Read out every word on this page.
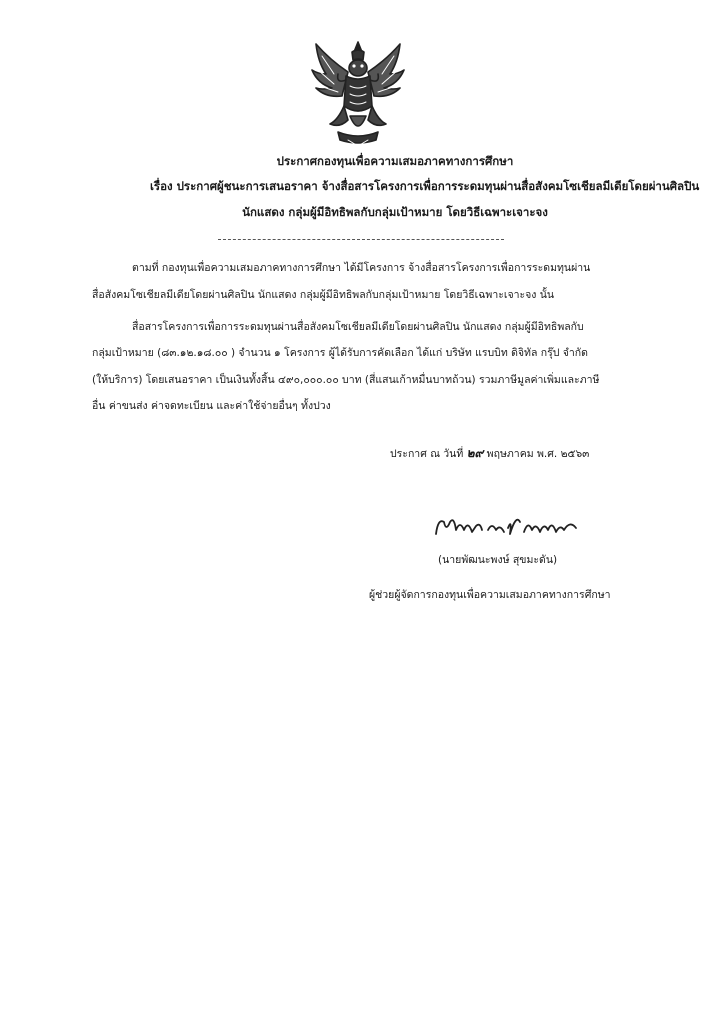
ประกาศกองทุนเพื่อความเสมอภาคทางการศึกษา
เรื่อง ประกาศผู้ชนะการเสนอราคา จ้างสื่อสารโครงการเพื่อการระดมทุนผ่านสื่อสังคมโซเชียลมีเดียโดยผ่านศิลปิน
นักแสดง กลุ่มผู้มีอิทธิพลกับกลุ่มเป้าหมาย โดยวิธีเฉพาะเจาะจง
ตามที่ กองทุนเพื่อความเสมอภาคทางการศึกษา ได้มีโครงการ จ้างสื่อสารโครงการเพื่อการระดมทุนผ่าน
สื่อสังคมโซเชียลมีเดียโดยผ่านศิลปิน นักแสดง กลุ่มผู้มีอิทธิพลกับกลุ่มเป้าหมาย โดยวิธีเฉพาะเจาะจง นั้น
สื่อสารโครงการเพื่อการระดมทุนผ่านสื่อสังคมโซเชียลมีเดียโดยผ่านศิลปิน นักแสดง กลุ่มผู้มีอิทธิพลกับ
กลุ่มเป้าหมาย (๘๓.๑๒.๑๘.๐๐ ) จำนวน ๑ โครงการ ผู้ได้รับการคัดเลือก ได้แก่ บริษัท แรบบิท ดิจิทัล กรุ๊ป จำกัด
(ให้บริการ) โดยเสนอราคา เป็นเงินทั้งสิ้น ๔๙๐,๐๐๐.๐๐ บาท (สี่แสนเก้าหมื่นบาทถ้วน) รวมภาษีมูลค่าเพิ่มและภาษี
อื่น ค่าขนส่ง ค่าจดทะเบียน และค่าใช้จ่ายอื่นๆ ทั้งปวง
ประกาศ ณ วันที่ ๒๙ พฤษภาคม พ.ศ. ๒๕๖๓
(นายพัฒนะพงษ์ สุขมะดัน)
ผู้ช่วยผู้จัดการกองทุนเพื่อความเสมอภาคทางการศึกษา
